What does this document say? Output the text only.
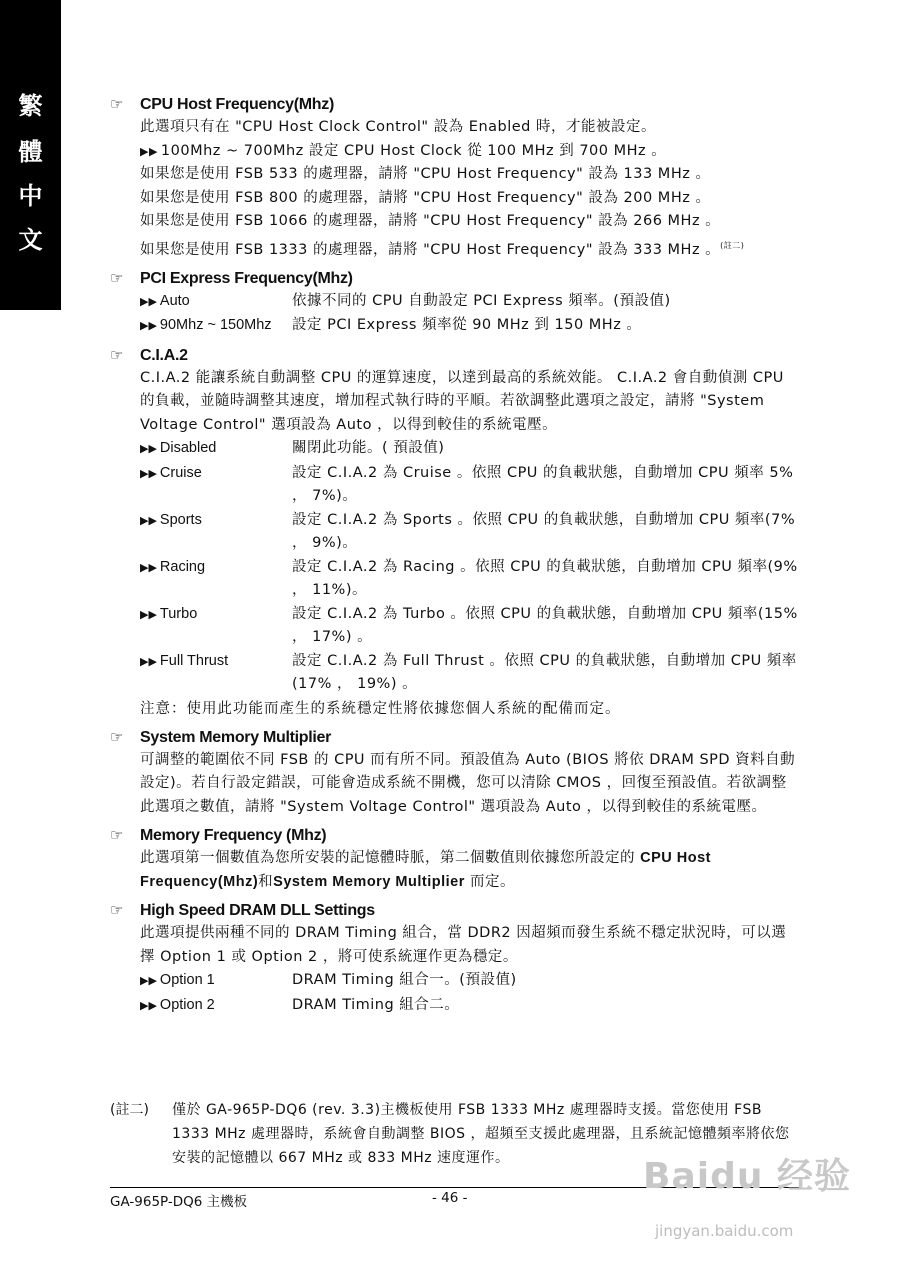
繁
體
中
文
☞ CPU Host Frequency(Mhz)
此選項只有在 "CPU Host Clock Control" 設為 Enabled 時，才能被設定。
▶▶ 100Mhz ~ 700Mhz 設定 CPU Host Clock 從 100 MHz 到 700 MHz 。
如果您是使用 FSB 533 的處理器，請將 "CPU Host Frequency" 設為 133 MHz 。
如果您是使用 FSB 800 的處理器，請將 "CPU Host Frequency" 設為 200 MHz 。
如果您是使用 FSB 1066 的處理器，請將 "CPU Host Frequency" 設為 266 MHz 。
如果您是使用 FSB 1333 的處理器，請將 "CPU Host Frequency" 設為 333 MHz 。$^{(註二)}$
☞ PCI Express Frequency(Mhz)
▶▶ Auto	依據不同的 CPU 自動設定 PCI Express 頻率。(預設值)
▶▶ 90Mhz ~ 150Mhz	設定 PCI Express 頻率從 90 MHz 到 150 MHz 。
☞ C.I.A.2
C.I.A.2 能讓系統自動調整 CPU 的運算速度，以達到最高的系統效能。 C.I.A.2 會自動偵測 CPU 的負載，並隨時調整其速度，增加程式執行時的平順。若欲調整此選項之設定，請將 "System Voltage Control" 選項設為 Auto ，以得到較佳的系統電壓。
▶▶ Disabled	關閉此功能。( 預設值)
▶▶ Cruise	設定 C.I.A.2 為 Cruise 。依照 CPU 的負載狀態，自動增加 CPU 頻率 5% ， 7%)。
▶▶ Sports	設定 C.I.A.2 為 Sports 。依照 CPU 的負載狀態，自動增加 CPU 頻率(7% ， 9%)。
▶▶ Racing	設定 C.I.A.2 為 Racing 。依照 CPU 的負載狀態，自動增加 CPU 頻率(9% ， 11%)。
▶▶ Turbo	設定 C.I.A.2 為 Turbo 。依照 CPU 的負載狀態，自動增加 CPU 頻率(15% ， 17%) 。
▶▶ Full Thrust	設定 C.I.A.2 為 Full Thrust 。依照 CPU 的負載狀態，自動增加 CPU 頻率(17% ， 19%) 。
注意：使用此功能而產生的系統穩定性將依據您個人系統的配備而定。
☞ System Memory Multiplier
可調整的範圍依不同 FSB 的 CPU 而有所不同。預設值為 Auto (BIOS 將依 DRAM SPD 資料自動設定)。若自行設定錯誤，可能會造成系統不開機，您可以清除 CMOS ，回復至預設值。若欲調整此選項之數值，請將 "System Voltage Control" 選項設為 Auto ，以得到較佳的系統電壓。
☞ Memory Frequency (Mhz)
此選項第一個數值為您所安裝的記憶體時脈，第二個數值則依據您所設定的 CPU Host Frequency(Mhz)和System Memory Multiplier 而定。
☞ High Speed DRAM DLL Settings
此選項提供兩種不同的 DRAM Timing 組合，當 DDR2 因超頻而發生系統不穩定狀況時，可以選擇 Option 1 或 Option 2 ，將可使系統運作更為穩定。
▶▶ Option 1	DRAM Timing 組合一。(預設值)
▶▶ Option 2	DRAM Timing 組合二。
(註二) 僅於 GA-965P-DQ6 (rev. 3.3)主機板使用 FSB 1333 MHz 處理器時支援。當您使用 FSB 1333 MHz 處理器時，系統會自動調整 BIOS ，超頻至支援此處理器，且系統記憶體頻率將依您安裝的記憶體以 667 MHz 或 833 MHz 速度運作。
GA-965P-DQ6 主機板	- 46 -
Baidu 经验
jingyan.baidu.com
